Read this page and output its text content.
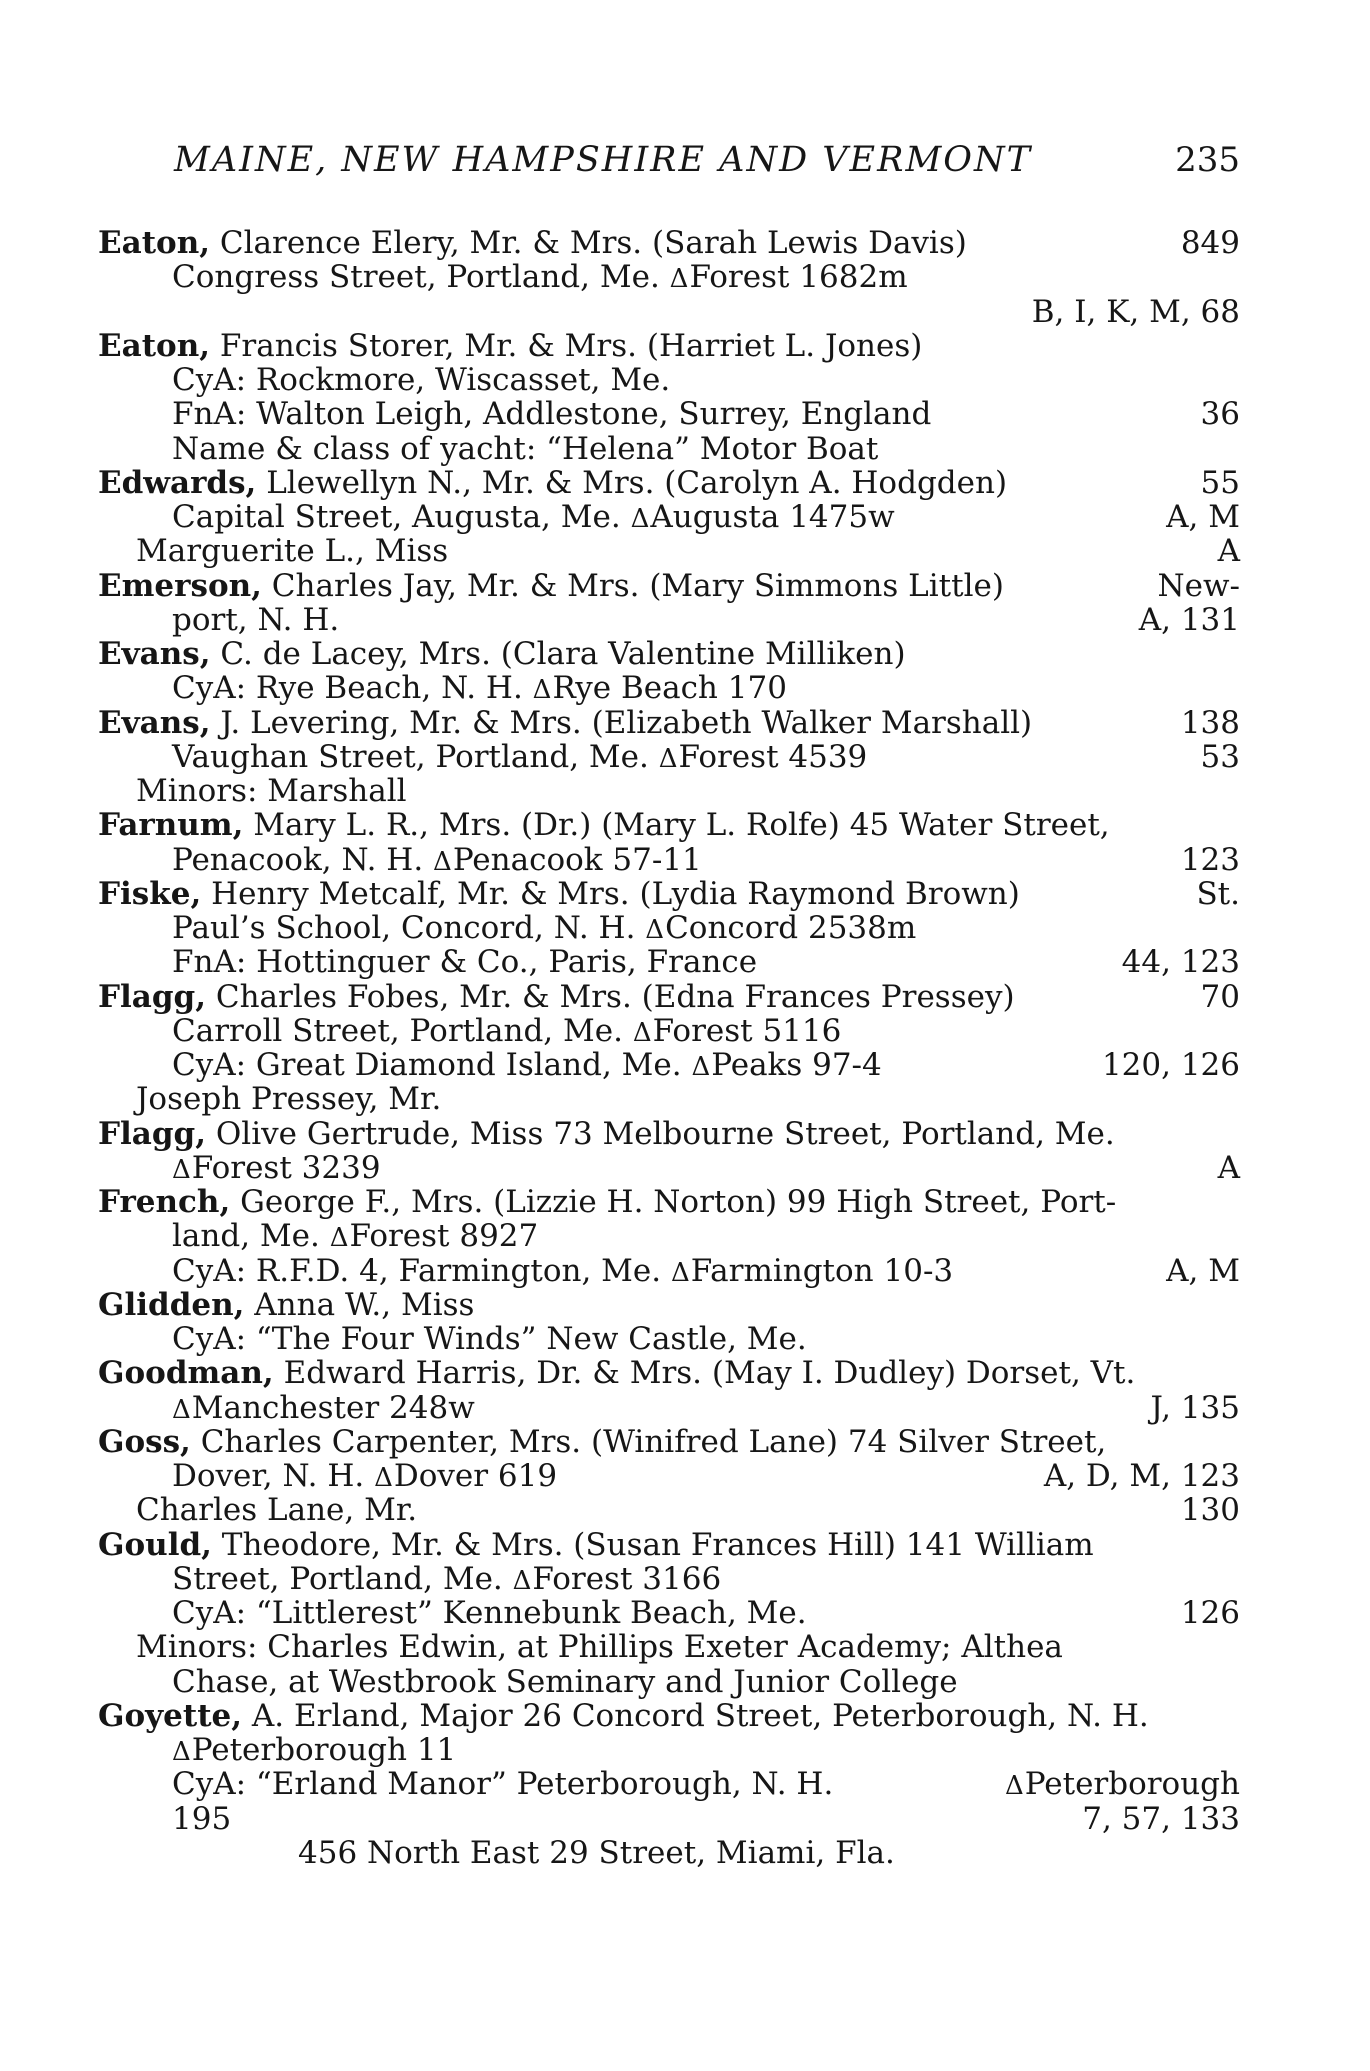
MAINE, NEW HAMPSHIRE AND VERMONT	235
Eaton, Clarence Elery, Mr. & Mrs. (Sarah Lewis Davis)	849
Congress Street, Portland, Me. ΔForest 1682m
B, I, K, M, 68
Eaton, Francis Storer, Mr. & Mrs. (Harriet L. Jones)
CyA: Rockmore, Wiscasset, Me.
FnA: Walton Leigh, Addlestone, Surrey, England	36
Name & class of yacht: “Helena” Motor Boat
Edwards, Llewellyn N., Mr. & Mrs. (Carolyn A. Hodgden)	55
Capital Street, Augusta, Me. ΔAugusta 1475w	A, M
Marguerite L., Miss	A
Emerson, Charles Jay, Mr. & Mrs. (Mary Simmons Little)	New-
port, N. H.	A, 131
Evans, C. de Lacey, Mrs. (Clara Valentine Milliken)
CyA: Rye Beach, N. H. ΔRye Beach 170
Evans, J. Levering, Mr. & Mrs. (Elizabeth Walker Marshall)	138
Vaughan Street, Portland, Me. ΔForest 4539	53
Minors: Marshall
Farnum, Mary L. R., Mrs. (Dr.) (Mary L. Rolfe) 45 Water Street,
Penacook, N. H. ΔPenacook 57-11	123
Fiske, Henry Metcalf, Mr. & Mrs. (Lydia Raymond Brown)	St.
Paul’s School, Concord, N. H. ΔConcord 2538m
FnA: Hottinguer & Co., Paris, France	44, 123
Flagg, Charles Fobes, Mr. & Mrs. (Edna Frances Pressey)	70
Carroll Street, Portland, Me. ΔForest 5116
CyA: Great Diamond Island, Me. ΔPeaks 97-4	120, 126
Joseph Pressey, Mr.
Flagg, Olive Gertrude, Miss 73 Melbourne Street, Portland, Me.
ΔForest 3239	A
French, George F., Mrs. (Lizzie H. Norton) 99 High Street, Port-
land, Me. ΔForest 8927
CyA: R.F.D. 4, Farmington, Me. ΔFarmington 10-3	A, M
Glidden, Anna W., Miss
CyA: “The Four Winds” New Castle, Me.
Goodman, Edward Harris, Dr. & Mrs. (May I. Dudley) Dorset, Vt.
ΔManchester 248w	J, 135
Goss, Charles Carpenter, Mrs. (Winifred Lane) 74 Silver Street,
Dover, N. H. ΔDover 619	A, D, M, 123
Charles Lane, Mr.	130
Gould, Theodore, Mr. & Mrs. (Susan Frances Hill) 141 William
Street, Portland, Me. ΔForest 3166
CyA: “Littlerest” Kennebunk Beach, Me.	126
Minors: Charles Edwin, at Phillips Exeter Academy; Althea
Chase, at Westbrook Seminary and Junior College
Goyette, A. Erland, Major 26 Concord Street, Peterborough, N. H.
ΔPeterborough 11
CyA: “Erland Manor” Peterborough, N. H.	ΔPeterborough
195	7, 57, 133
456 North East 29 Street, Miami, Fla.
